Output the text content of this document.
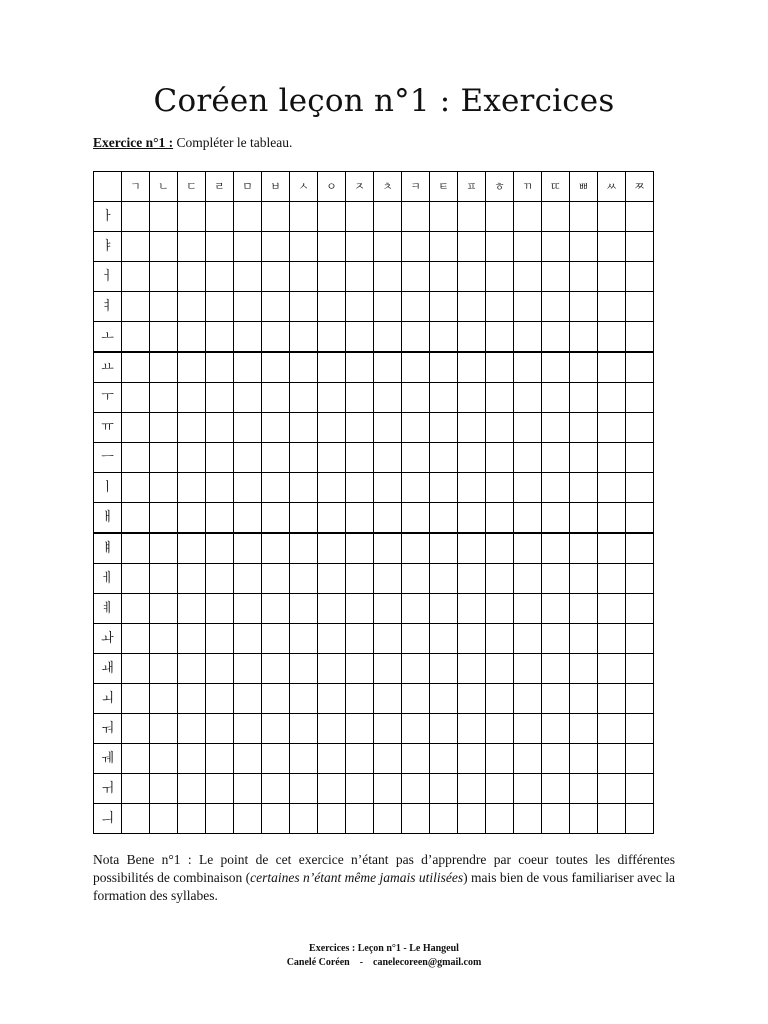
Coréen leçon n°1 : Exercices
Exercice n°1 : Compléter le tableau.
	ㄱ	ㄴ	ㄷ	ㄹ	ㅁ	ㅂ	ㅅ	ㅇ	ㅈ	ㅊ	ㅋ	ㅌ	ㅍ	ㅎ	ㄲ	ㄸ	ㅃ	ㅆ	ㅉ
ㅏ																			
ㅑ																			
ㅓ																			
ㅕ																			
ㅗ																			
ㅛ																			
ㅜ																			
ㅠ																			
ㅡ																			
ㅣ																			
ㅐ																			
ㅒ																			
ㅔ																			
ㅖ																			
ㅘ																			
ㅙ																			
ㅚ																			
ㅝ																			
ㅞ																			
ㅟ																			
ㅢ																			

Nota Bene n°1 : Le point de cet exercice n’étant pas d’apprendre par coeur toutes les différentes possibilités de combinaison (certaines n’étant même jamais utilisées) mais bien de vous familiariser avec la formation des syllabes.

Exercices : Leçon n°1 - Le Hangeul
Canelé Coréen    -    canelecoreen@gmail.com
